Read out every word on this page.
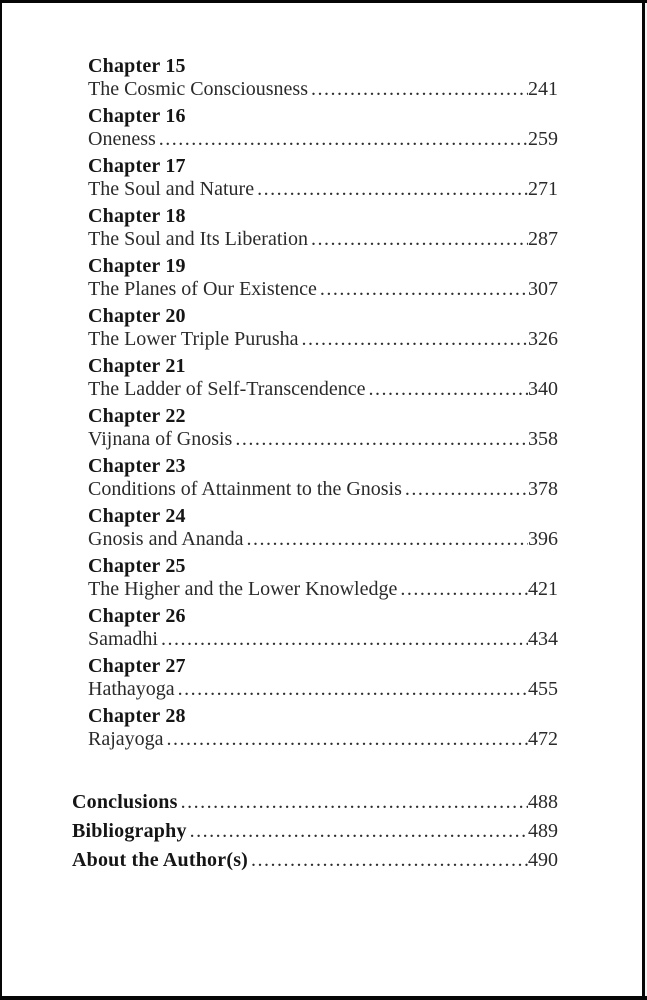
Chapter 15
The Cosmic Consciousness .....	241
Chapter 16
Oneness .....	259
Chapter 17
The Soul and Nature .....	271
Chapter 18
The Soul and Its Liberation .....	287
Chapter 19
The Planes of Our Existence .....	307
Chapter 20
The Lower Triple Purusha .....	326
Chapter 21
The Ladder of Self-Transcendence .....	340
Chapter 22
Vijnana of Gnosis .....	358
Chapter 23
Conditions of Attainment to the Gnosis .....	378
Chapter 24
Gnosis and Ananda .....	396
Chapter 25
The Higher and the Lower Knowledge .....	421
Chapter 26
Samadhi .....	434
Chapter 27
Hathayoga .....	455
Chapter 28
Rajayoga .....	472
Conclusions .....	488
Bibliography .....	489
About the Author(s) .....	490
